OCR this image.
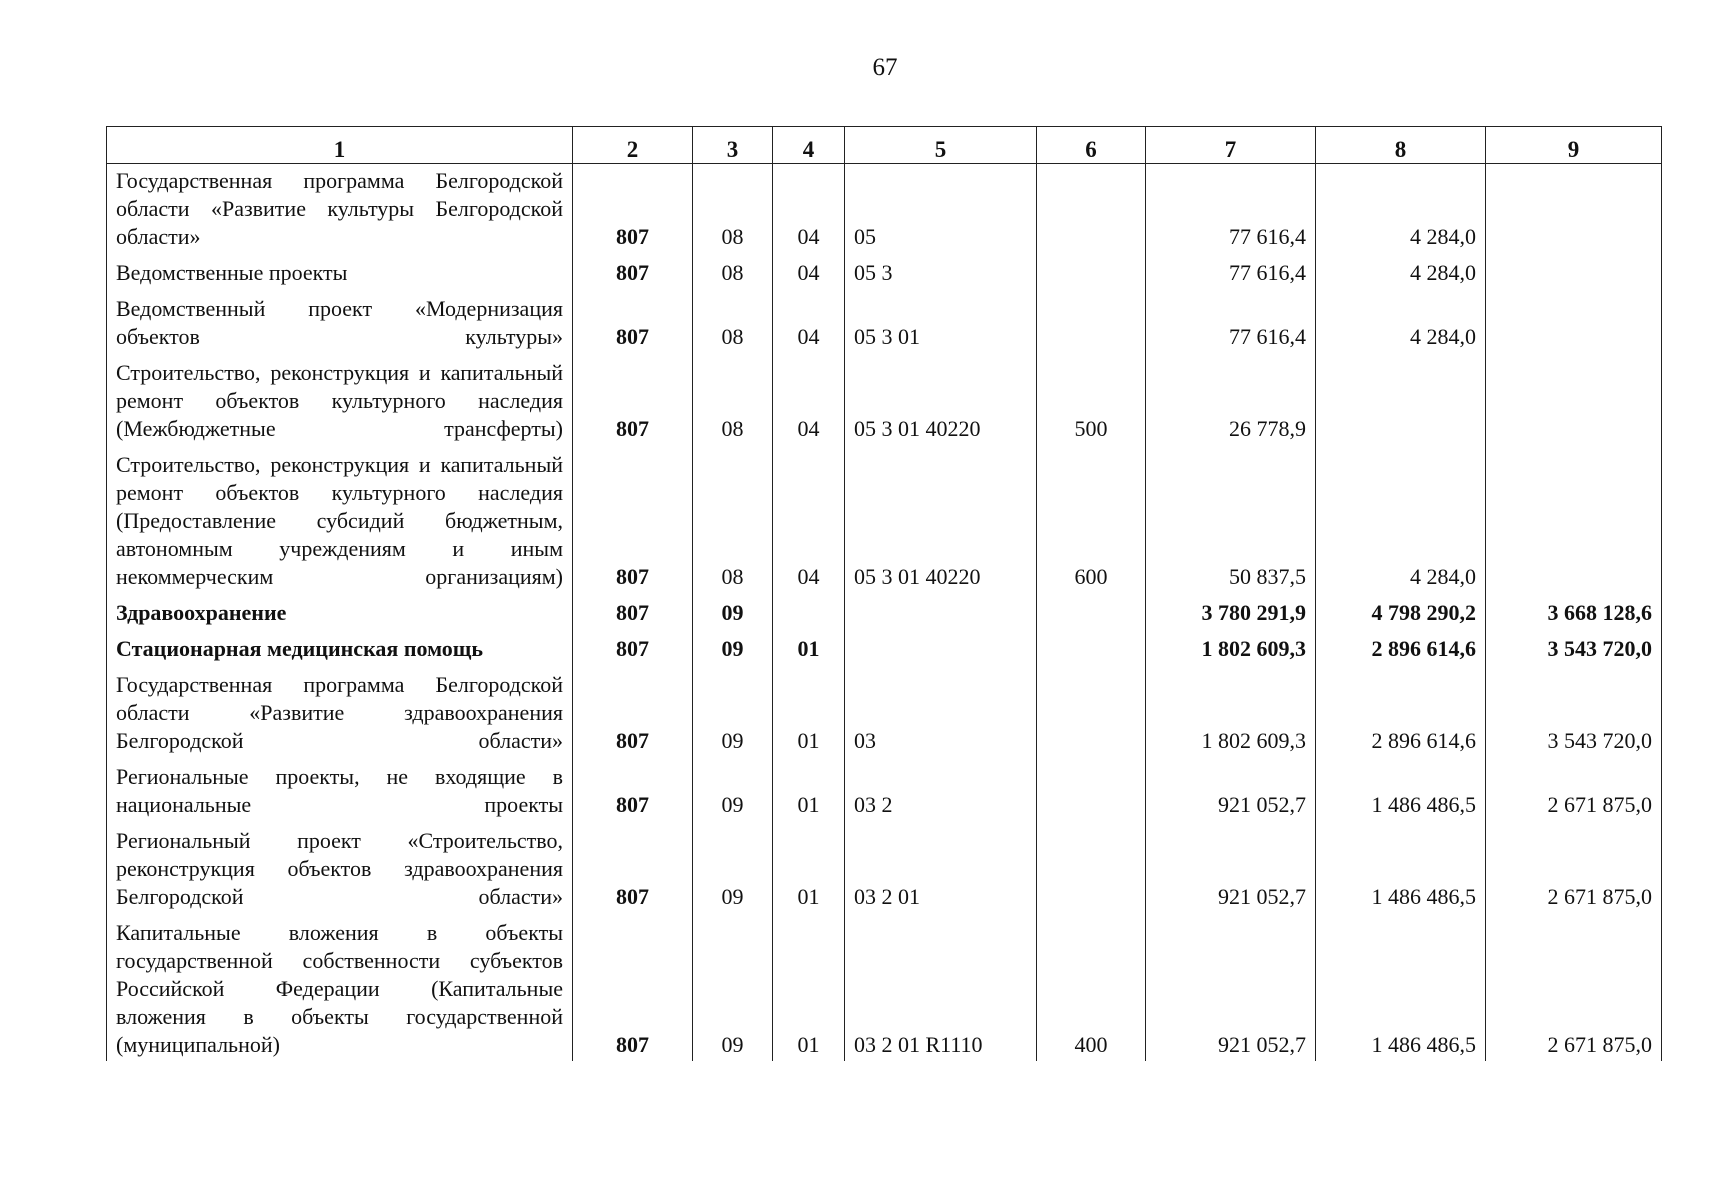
67
1	2	3	4	5	6	7	8	9
Государственная программа Белгородской области «Развитие культуры Белгородской области»	807	08	04	05		77 616,4	4 284,0	
Ведомственные проекты	807	08	04	05 3		77 616,4	4 284,0	
Ведомственный проект «Модернизация объектов культуры»	807	08	04	05 3 01		77 616,4	4 284,0	
Строительство, реконструкция и капитальный ремонт объектов культурного наследия (Межбюджетные трансферты)	807	08	04	05 3 01 40220	500	26 778,9		
Строительство, реконструкция и капитальный ремонт объектов культурного наследия (Предоставление субсидий бюджетным, автономным учреждениям и иным некоммерческим организациям)	807	08	04	05 3 01 40220	600	50 837,5	4 284,0	
Здравоохранение	807	09				3 780 291,9	4 798 290,2	3 668 128,6
Стационарная медицинская помощь	807	09	01			1 802 609,3	2 896 614,6	3 543 720,0
Государственная программа Белгородской области «Развитие здравоохранения Белгородской области»	807	09	01	03		1 802 609,3	2 896 614,6	3 543 720,0
Региональные проекты, не входящие в национальные проекты	807	09	01	03 2		921 052,7	1 486 486,5	2 671 875,0
Региональный проект «Строительство, реконструкция объектов здравоохранения Белгородской области»	807	09	01	03 2 01		921 052,7	1 486 486,5	2 671 875,0
Капитальные вложения в объекты государственной собственности субъектов Российской Федерации (Капитальные вложения в объекты государственной (муниципальной)	807	09	01	03 2 01 R1110	400	921 052,7	1 486 486,5	2 671 875,0
